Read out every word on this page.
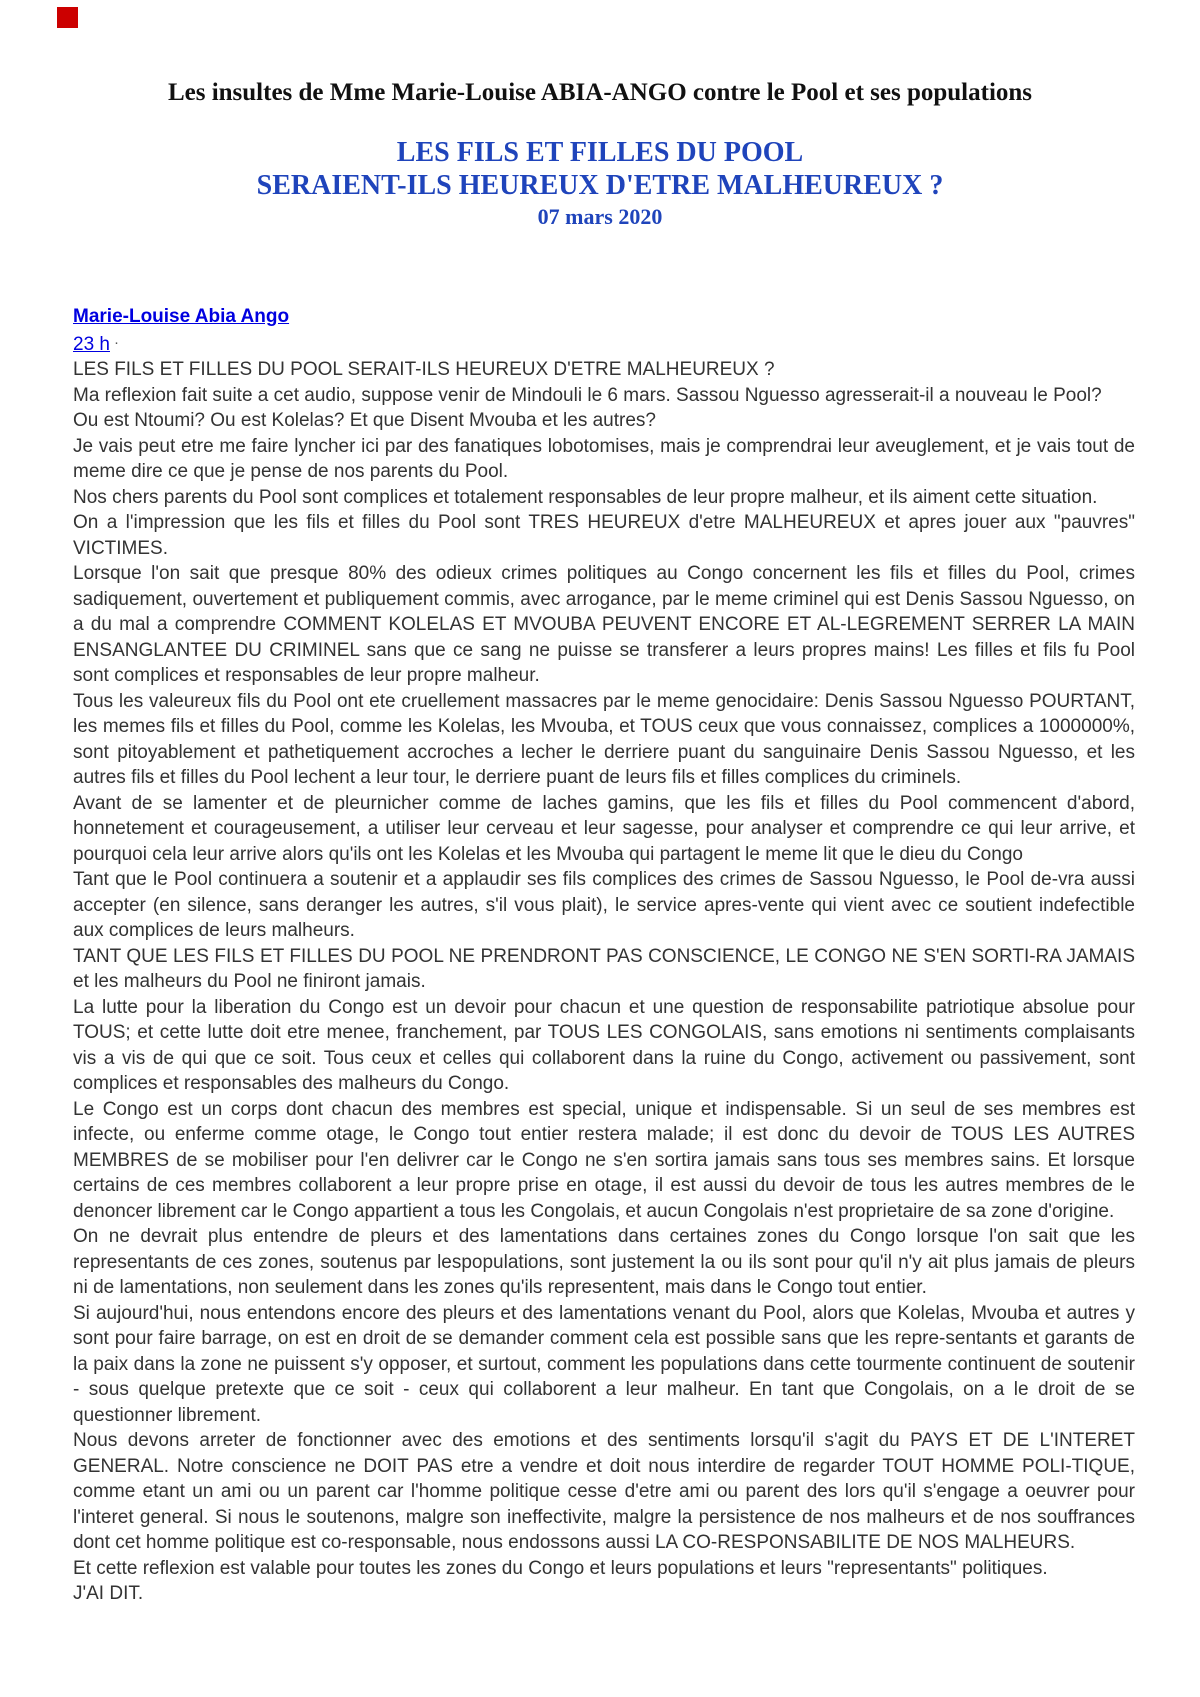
Les insultes de Mme Marie-Louise ABIA-ANGO contre le Pool et ses populations

LES FILS ET FILLES DU POOL

SERAIENT-ILS HEUREUX D'ETRE MALHEUREUX ?

07 mars 2020

Marie-Louise Abia Ango
23 h ·

LES FILS ET FILLES DU POOL SERAIT-ILS HEUREUX D'ETRE MALHEUREUX ?

Ma reflexion fait suite a cet audio, suppose venir de Mindouli le 6 mars. Sassou Nguesso agresserait-il a nouveau le Pool?

Ou est Ntoumi? Ou est Kolelas? Et que Disent Mvouba et les autres?

Je vais peut etre me faire lyncher ici par des fanatiques lobotomises, mais je comprendrai leur aveuglement, et je vais tout de meme dire ce que je pense de nos parents du Pool.

Nos chers parents du Pool sont complices et totalement responsables de leur propre malheur, et ils aiment cette situation.

On a l'impression que les fils et filles du Pool sont TRES HEUREUX d'etre MALHEUREUX et apres jouer aux "pauvres" VICTIMES.

Lorsque l'on sait que presque 80% des odieux crimes politiques au Congo concernent les fils et filles du Pool, crimes sadiquement, ouvertement et publiquement commis, avec arrogance, par le meme criminel qui est Denis Sassou Nguesso, on a du mal a comprendre COMMENT KOLELAS ET MVOUBA PEUVENT ENCORE ET AL-LEGREMENT SERRER LA MAIN ENSANGLANTEE DU CRIMINEL sans que ce sang ne puisse se transferer a leurs propres mains! Les filles et fils fu Pool sont complices et responsables de leur propre malheur.

Tous les valeureux fils du Pool ont ete cruellement massacres par le meme genocidaire: Denis Sassou Nguesso POURTANT, les memes fils et filles du Pool, comme les Kolelas, les Mvouba, et TOUS ceux que vous connaissez, complices a 1000000%, sont pitoyablement et pathetiquement accroches a lecher le derriere puant du sanguinaire Denis Sassou Nguesso, et les autres fils et filles du Pool lechent a leur tour, le derriere puant de leurs fils et filles complices du criminels.

Avant de se lamenter et de pleurnicher comme de laches gamins, que les fils et filles du Pool commencent d'abord, honnetement et courageusement, a utiliser leur cerveau et leur sagesse, pour analyser et comprendre ce qui leur arrive, et pourquoi cela leur arrive alors qu'ils ont les Kolelas et les Mvouba qui partagent le meme lit que le dieu du Congo

Tant que le Pool continuera a soutenir et a applaudir ses fils complices des crimes de Sassou Nguesso, le Pool de-vra aussi accepter (en silence, sans deranger les autres, s'il vous plait), le service apres-vente qui vient avec ce soutient indefectible aux complices de leurs malheurs.

TANT QUE LES FILS ET FILLES DU POOL NE PRENDRONT PAS CONSCIENCE, LE CONGO NE S'EN SORTI-RA JAMAIS et les malheurs du Pool ne finiront jamais.

La lutte pour la liberation du Congo est un devoir pour chacun et une question de responsabilite patriotique absolue pour TOUS; et cette lutte doit etre menee, franchement, par TOUS LES CONGOLAIS, sans emotions ni sentiments complaisants vis a vis de qui que ce soit. Tous ceux et celles qui collaborent dans la ruine du Congo, activement ou passivement, sont complices et responsables des malheurs du Congo.

Le Congo est un corps dont chacun des membres est special, unique et indispensable. Si un seul de ses membres est infecte, ou enferme comme otage, le Congo tout entier restera malade; il est donc du devoir de TOUS LES AUTRES MEMBRES de se mobiliser pour l'en delivrer car le Congo ne s'en sortira jamais sans tous ses membres sains. Et lorsque certains de ces membres collaborent a leur propre prise en otage, il est aussi du devoir de tous les autres membres de le denoncer librement car le Congo appartient a tous les Congolais, et aucun Congolais n'est proprietaire de sa zone d'origine.

On ne devrait plus entendre de pleurs et des lamentations dans certaines zones du Congo lorsque l'on sait que les representants de ces zones, soutenus par lespopulations, sont justement la ou ils sont pour qu'il n'y ait plus jamais de pleurs ni de lamentations, non seulement dans les zones qu'ils representent, mais dans le Congo tout entier.

Si aujourd'hui, nous entendons encore des pleurs et des lamentations venant du Pool, alors que Kolelas, Mvouba et autres y sont pour faire barrage, on est en droit de se demander comment cela est possible sans que les repre-sentants et garants de la paix dans la zone ne puissent s'y opposer, et surtout, comment les populations dans cette tourmente continuent de soutenir - sous quelque pretexte que ce soit - ceux qui collaborent a leur malheur. En tant que Congolais, on a le droit de se questionner librement.

Nous devons arreter de fonctionner avec des emotions et des sentiments lorsqu'il s'agit du PAYS ET DE L'INTERET GENERAL. Notre conscience ne DOIT PAS etre a vendre et doit nous interdire de regarder TOUT HOMME POLI-TIQUE, comme etant un ami ou un parent car l'homme politique cesse d'etre ami ou parent des lors qu'il s'engage a oeuvrer pour l'interet general. Si nous le soutenons, malgre son ineffectivite, malgre la persistence de nos malheurs et de nos souffrances dont cet homme politique est co-responsable, nous endossons aussi LA CO-RESPONSABILITE DE NOS MALHEURS.

Et cette reflexion est valable pour toutes les zones du Congo et leurs populations et leurs "representants" politiques.

J'AI DIT.
